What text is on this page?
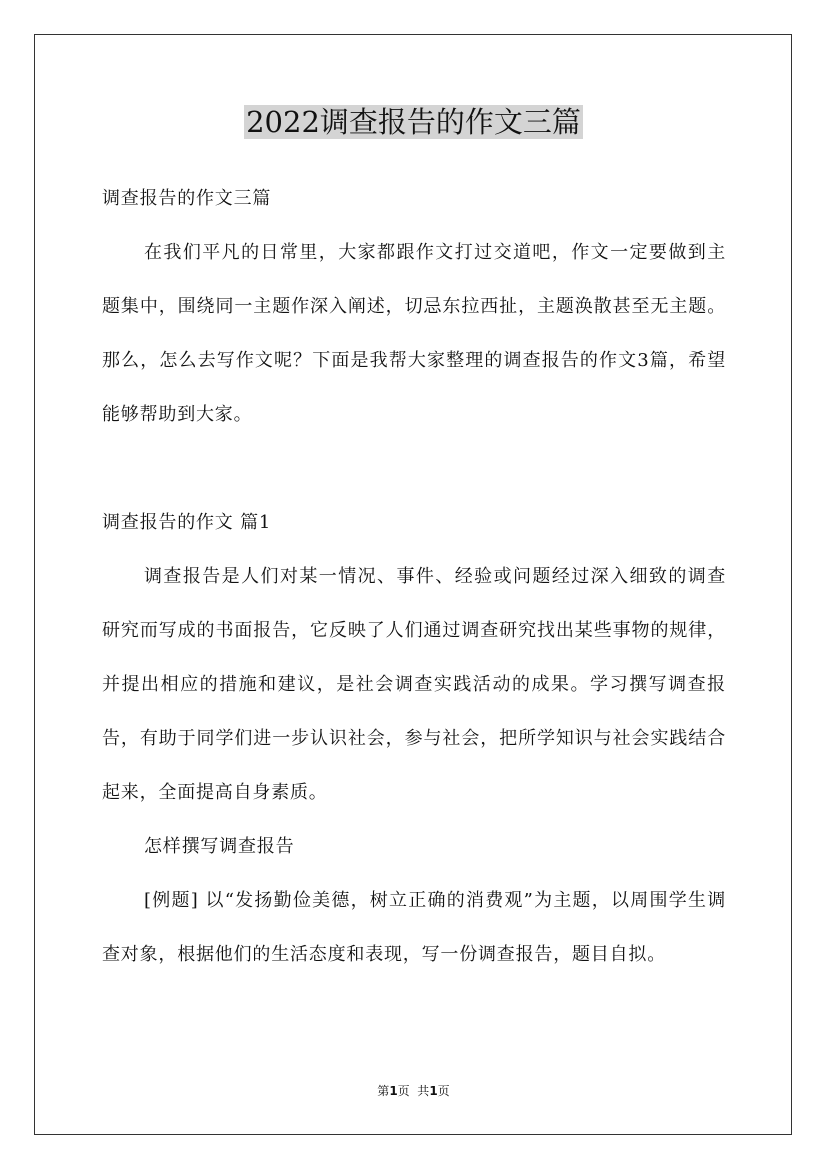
2022调查报告的作文三篇

调查报告的作文三篇

在我们平凡的日常里，大家都跟作文打过交道吧，作文一定要做到主题集中，围绕同一主题作深入阐述，切忌东拉西扯，主题涣散甚至无主题。那么，怎么去写作文呢？下面是我帮大家整理的调查报告的作文3篇，希望能够帮助到大家。

调查报告的作文 篇1

调查报告是人们对某一情况、事件、经验或问题经过深入细致的调查研究而写成的书面报告，它反映了人们通过调查研究找出某些事物的规律，并提出相应的措施和建议，是社会调查实践活动的成果。学习撰写调查报告，有助于同学们进一步认识社会，参与社会，把所学知识与社会实践结合起来，全面提高自身素质。

怎样撰写调查报告

[例题] 以“发扬勤俭美德，树立正确的消费观”为主题，以周围学生调查对象，根据他们的生活态度和表现，写一份调查报告，题目自拟。

第1页  共1页
